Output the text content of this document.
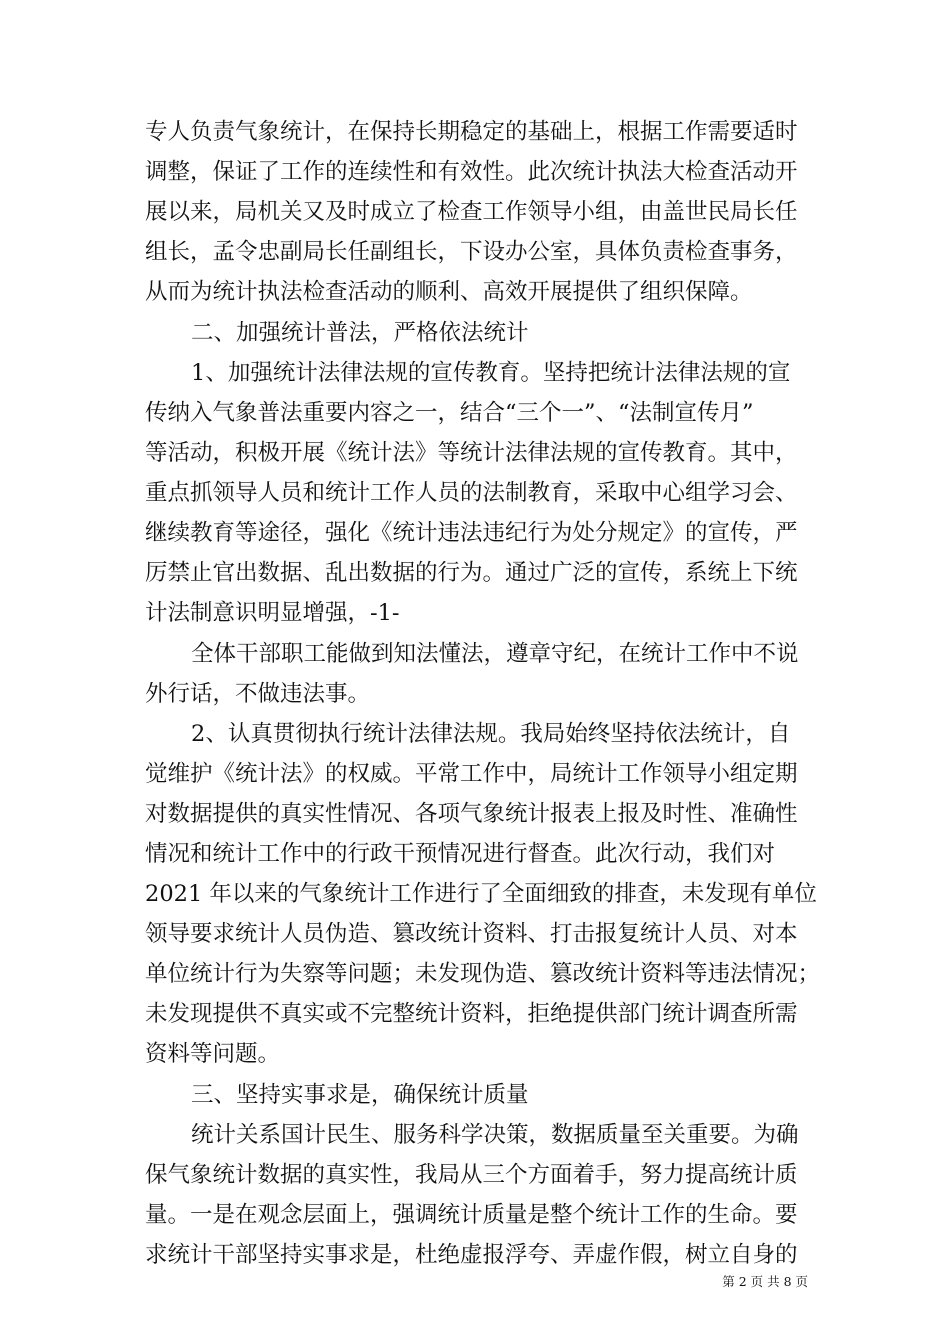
专人负责气象统计，在保持长期稳定的基础上，根据工作需要适时
调整，保证了工作的连续性和有效性。此次统计执法大检查活动开
展以来，局机关又及时成立了检查工作领导小组，由盖世民局长任
组长，孟令忠副局长任副组长，下设办公室，具体负责检查事务，
从而为统计执法检查活动的顺利、高效开展提供了组织保障。
二、加强统计普法，严格依法统计
1、加强统计法律法规的宣传教育。坚持把统计法律法规的宣
传纳入气象普法重要内容之一，结合“三个一”、“法制宣传月”
等活动，积极开展《统计法》等统计法律法规的宣传教育。其中，
重点抓领导人员和统计工作人员的法制教育，采取中心组学习会、
继续教育等途径，强化《统计违法违纪行为处分规定》的宣传，严
厉禁止官出数据、乱出数据的行为。通过广泛的宣传，系统上下统
计法制意识明显增强，-1-
全体干部职工能做到知法懂法，遵章守纪，在统计工作中不说
外行话，不做违法事。
2、认真贯彻执行统计法律法规。我局始终坚持依法统计，自
觉维护《统计法》的权威。平常工作中，局统计工作领导小组定期
对数据提供的真实性情况、各项气象统计报表上报及时性、准确性
情况和统计工作中的行政干预情况进行督查。此次行动，我们对
2021 年以来的气象统计工作进行了全面细致的排查，未发现有单位
领导要求统计人员伪造、篡改统计资料、打击报复统计人员、对本
单位统计行为失察等问题；未发现伪造、篡改统计资料等违法情况；
未发现提供不真实或不完整统计资料，拒绝提供部门统计调查所需
资料等问题。
三、坚持实事求是，确保统计质量
统计关系国计民生、服务科学决策，数据质量至关重要。为确
保气象统计数据的真实性，我局从三个方面着手，努力提高统计质
量。一是在观念层面上，强调统计质量是整个统计工作的生命。要
求统计干部坚持实事求是，杜绝虚报浮夸、弄虚作假，树立自身的
第 2 页 共 8 页
